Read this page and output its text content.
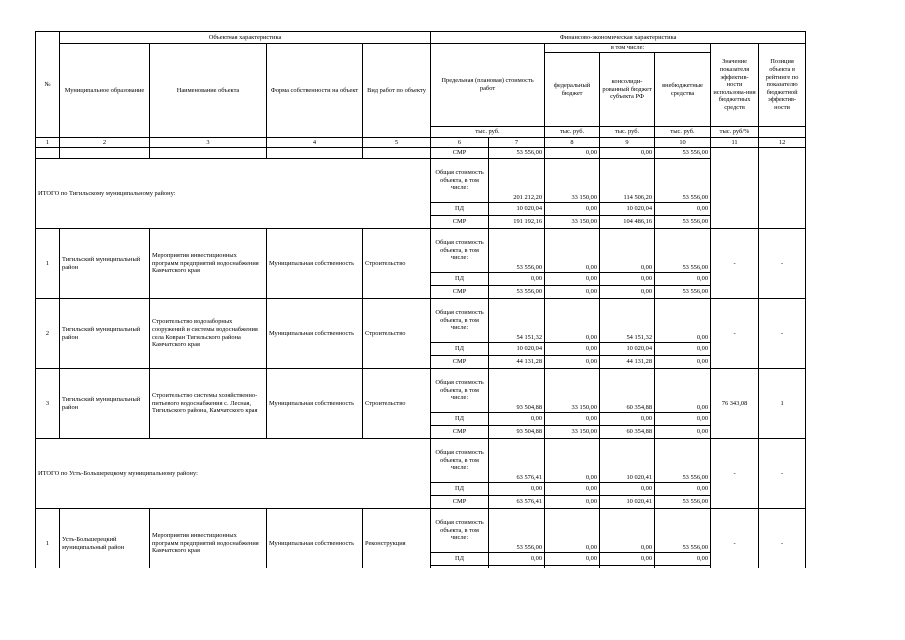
№	Объектная характеристика				Финансово-экономическая характеристика						
	Муниципальное образование	Наименование объекта	Форма собственности на объект	Вид работ по объекту	Предельная (плановая) стоимость работ		в том числе:			Значение показателя эффектив-ности использова-ния бюджетных средств	Позиция объекта в рейтинге по показателю бюджетной эффектив-ности
							федеральный бюджет	консолиди-рованный бюджет субъекта РФ	внебюджетные средства		
					тыс. руб.		тыс. руб.	тыс. руб.	тыс. руб.	тыс. руб/%	
1	2	3	4	5	6	7	8	9	10	11	12
					СМР	53 556,00	0,00	0,00	53 556,00		
ИТОГО по Тигильскому муниципальному району:					Общая стоимость объекта, в том числе:	201 212,20	33 150,00	114 506,20	53 556,00		
					ПД	10 020,04	0,00	10 020,04	0,00		
					СМР	191 192,16	33 150,00	104 486,16	53 556,00		
1	Тигильский муниципальный район	Мероприятия инвестиционных программ предприятий водоснабжения Камчатского края	Муниципальная собственность	Строительство	Общая стоимость объекта, в том числе:	53 556,00	0,00	0,00	53 556,00	-	-
					ПД	0,00	0,00	0,00	0,00		
					СМР	53 556,00	0,00	0,00	53 556,00		
2	Тигильский муниципальный район	Строительство водозаборных сооружений и системы водоснабжения села Ковран Тигильского района Камчатского края	Муниципальная собственность	Строительство	Общая стоимость объекта, в том числе:	54 151,32	0,00	54 151,32	0,00	-	-
					ПД	10 020,04	0,00	10 020,04	0,00		
					СМР	44 131,28	0,00	44 131,28	0,00		
3	Тигильский муниципальный район	Строительство системы хозяйственно-питьевого водоснабжения с. Лесная, Тигильского района, Камчатского края	Муниципальная собственность	Строительство	Общая стоимость объекта, в том числе:	93 504,88	33 150,00	60 354,88	0,00	76 343,08	1
					ПД	0,00	0,00	0,00	0,00		
					СМР	93 504,88	33 150,00	60 354,88	0,00		
ИТОГО по Усть-Большерецкому муниципальному району:					Общая стоимость объекта, в том числе:	63 576,41	0,00	10 020,41	53 556,00	-	-
					ПД	0,00	0,00	0,00	0,00		
					СМР	63 576,41	0,00	10 020,41	53 556,00		
1	Усть-Большерецкий муниципальный район	Мероприятия инвестиционных программ предприятий водоснабжения Камчатского края	Муниципальная собственность	Реконструкция	Общая стоимость объекта, в том числе:	53 556,00	0,00	0,00	53 556,00	-	-
					ПД	0,00	0,00	0,00	0,00		
